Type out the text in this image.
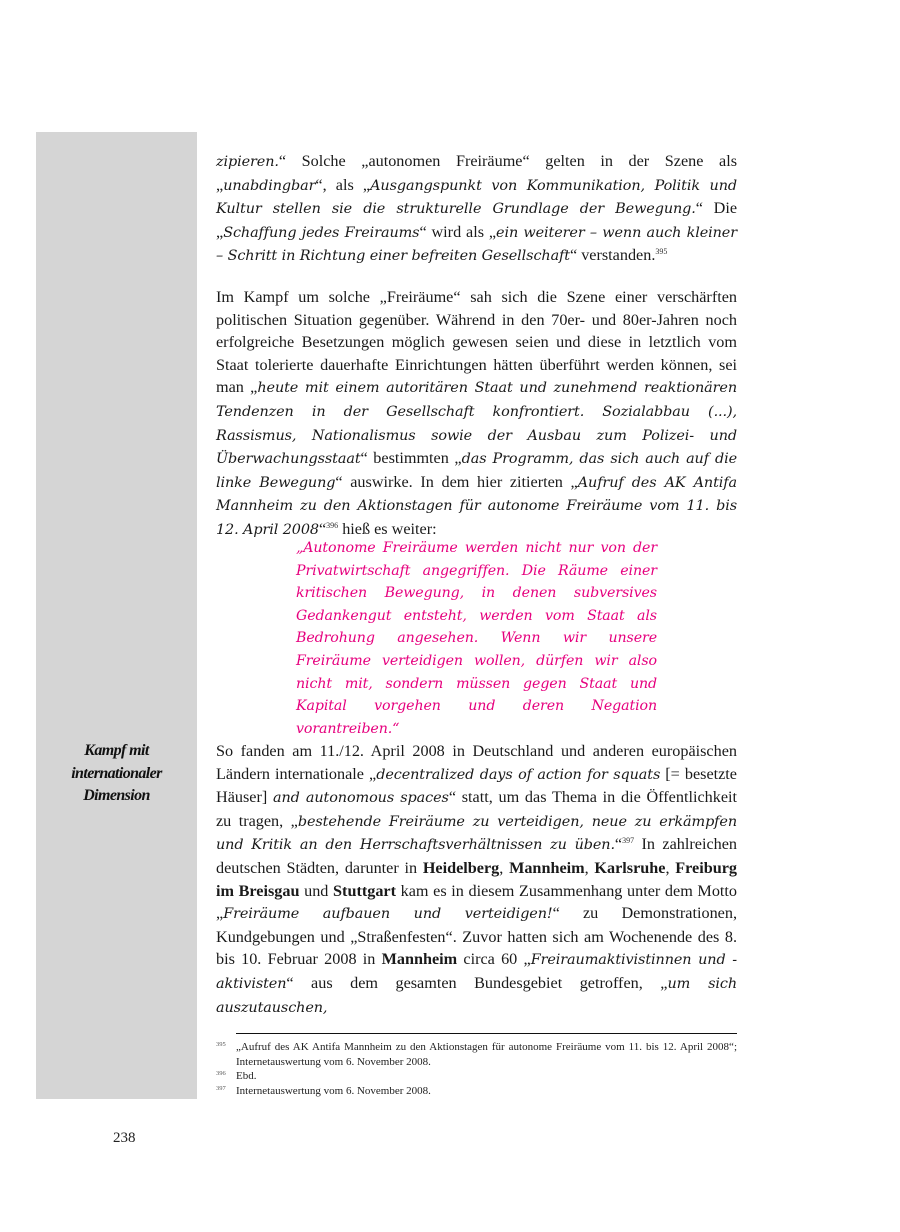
Kampf mit
internationaler
Dimension

zipieren.“ Solche „autonomen Freiräume“ gelten in der Szene als „unabdingbar“, als „Ausgangspunkt von Kommunikation, Politik und Kultur stellen sie die strukturelle Grundlage der Bewegung.“ Die „Schaffung jedes Freiraums“ wird als „ein weiterer – wenn auch kleiner – Schritt in Richtung einer befreiten Gesellschaft“ verstanden.$^{395}$

Im Kampf um solche „Freiräume“ sah sich die Szene einer verschärften politischen Situation gegenüber. Während in den 70er- und 80er-Jahren noch erfolgreiche Besetzungen möglich gewesen seien und diese in letztlich vom Staat tolerierte dauerhafte Einrichtungen hätten überführt werden können, sei man „heute mit einem autoritären Staat und zunehmend reaktionären Tendenzen in der Gesellschaft konfrontiert. Sozialabbau (...), Rassismus, Nationalismus sowie der Ausbau zum Polizei- und Überwachungsstaat“ bestimmten „das Programm, das sich auch auf die linke Bewegung“ auswirke. In dem hier zitierten „Aufruf des AK Antifa Mannheim zu den Aktionstagen für autonome Freiräume vom 11. bis 12. April 2008“$^{396}$ hieß es weiter:

„Autonome Freiräume werden nicht nur von der Privatwirtschaft angegriffen. Die Räume einer kritischen Bewegung, in denen subversives Gedankengut entsteht, werden vom Staat als Bedrohung angesehen. Wenn wir unsere Freiräume verteidigen wollen, dürfen wir also nicht mit, sondern müssen gegen Staat und Kapital vorgehen und deren Negation vorantreiben.“

So fanden am 11./12. April 2008 in Deutschland und anderen europäischen Ländern internationale „decentralized days of action for squats [= besetzte Häuser] and autonomous spaces“ statt, um das Thema in die Öffentlichkeit zu tragen, „bestehende Freiräume zu verteidigen, neue zu erkämpfen und Kritik an den Herrschaftsverhältnissen zu üben.“$^{397}$ In zahlreichen deutschen Städten, darunter in Heidelberg, Mannheim, Karlsruhe, Freiburg im Breisgau und Stuttgart kam es in diesem Zusammenhang unter dem Motto „Freiräume aufbauen und verteidigen!“ zu Demonstrationen, Kundgebungen und „Straßenfesten“. Zuvor hatten sich am Wochenende des 8. bis 10. Februar 2008 in Mannheim circa 60 „Freiraumaktivistinnen und -aktivisten“ aus dem gesamten Bundesgebiet getroffen, „um sich auszutauschen,

395 „Aufruf des AK Antifa Mannheim zu den Aktionstagen für autonome Freiräume vom 11. bis 12. April 2008“; Internetauswertung vom 6. November 2008.
396 Ebd.
397 Internetauswertung vom 6. November 2008.
238
